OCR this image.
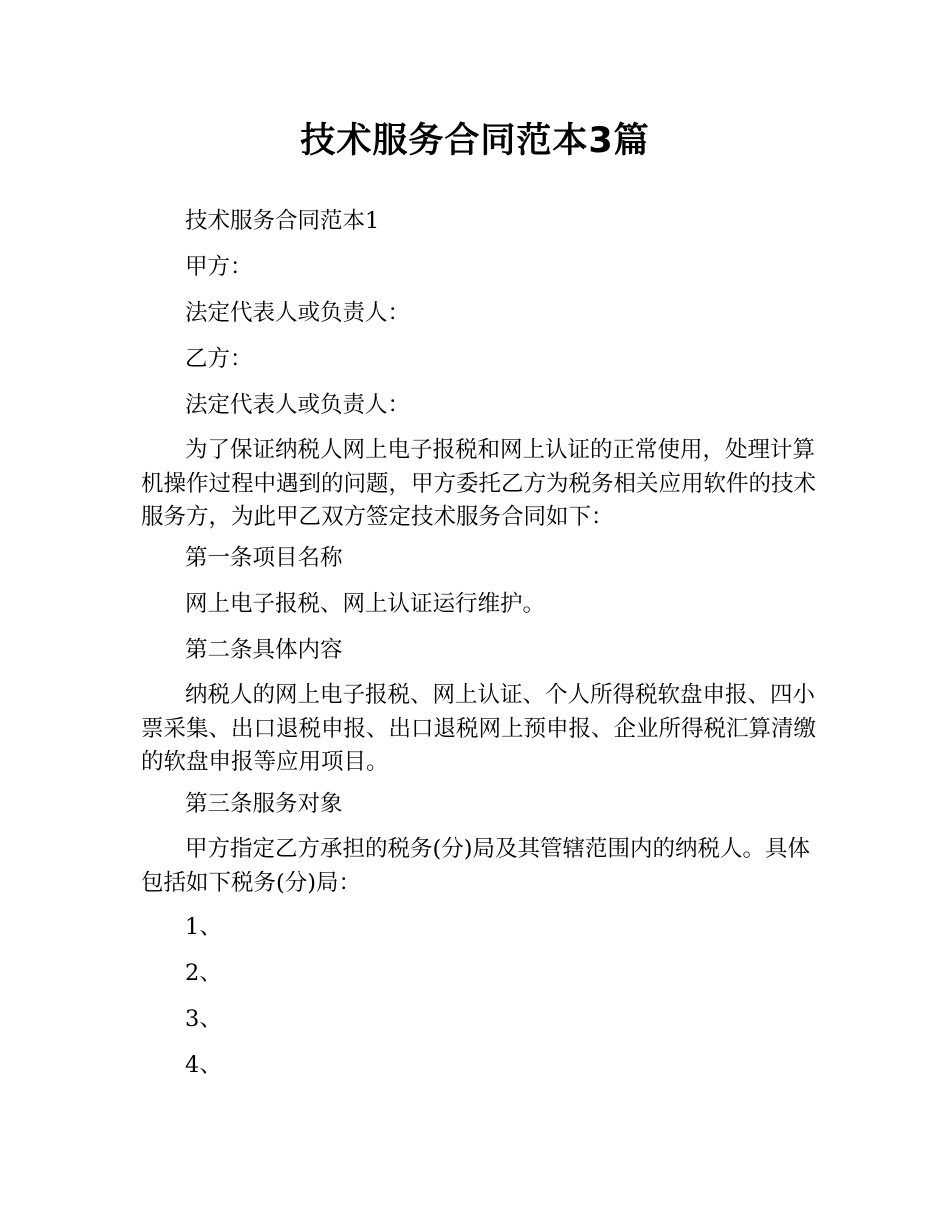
技术服务合同范本3篇
技术服务合同范本1
甲方：
法定代表人或负责人：
乙方：
法定代表人或负责人：
为了保证纳税人网上电子报税和网上认证的正常使用，处理计算机操作过程中遇到的问题，甲方委托乙方为税务相关应用软件的技术服务方，为此甲乙双方签定技术服务合同如下：
第一条项目名称
网上电子报税、网上认证运行维护。
第二条具体内容
纳税人的网上电子报税、网上认证、个人所得税软盘申报、四小票采集、出口退税申报、出口退税网上预申报、企业所得税汇算清缴的软盘申报等应用项目。
第三条服务对象
甲方指定乙方承担的税务(分)局及其管辖范围内的纳税人。具体包括如下税务(分)局：
1、
2、
3、
4、
